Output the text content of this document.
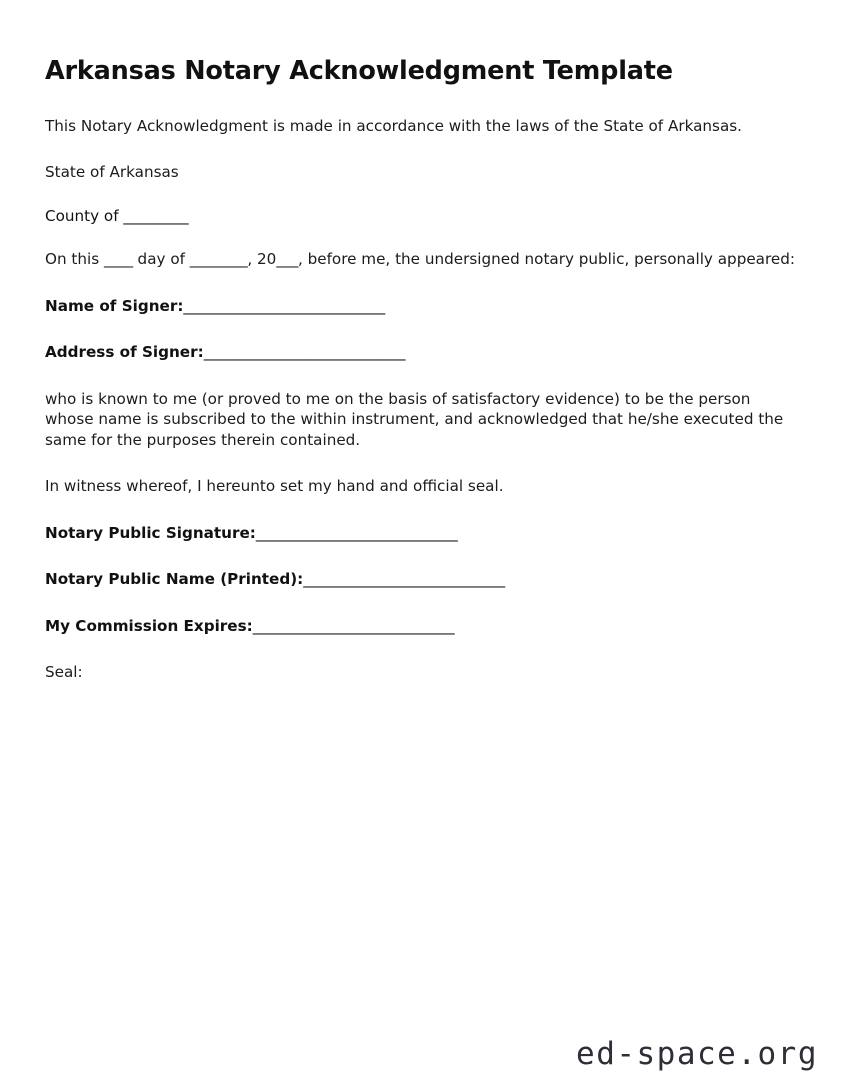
Arkansas Notary Acknowledgment Template

This Notary Acknowledgment is made in accordance with the laws of the State of Arkansas.

State of Arkansas

County of _________

On this ____ day of ________, 20___, before me, the undersigned notary public, personally appeared:

Name of Signer:____________________________

Address of Signer:____________________________

who is known to me (or proved to me on the basis of satisfactory evidence) to be the person whose name is subscribed to the within instrument, and acknowledged that he/she executed the same for the purposes therein contained.

In witness whereof, I hereunto set my hand and official seal.

Notary Public Signature:____________________________

Notary Public Name (Printed):____________________________

My Commission Expires:____________________________

Seal:

ed-space.org
